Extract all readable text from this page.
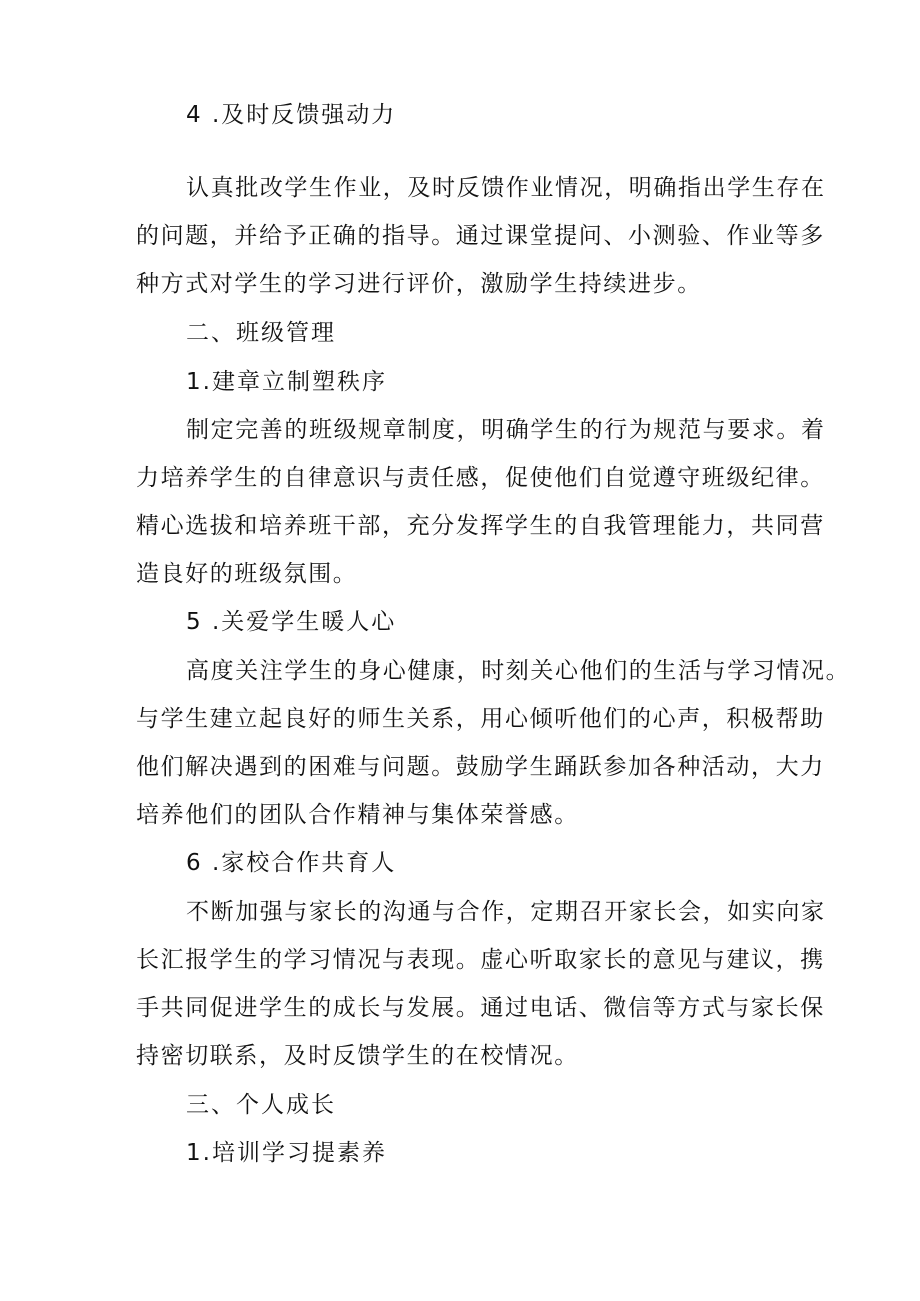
4 .及时反馈强动力
认真批改学生作业，及时反馈作业情况，明确指出学生存在
的问题，并给予正确的指导。通过课堂提问、小测验、作业等多
种方式对学生的学习进行评价，激励学生持续进步。
二、班级管理
1.建章立制塑秩序
制定完善的班级规章制度，明确学生的行为规范与要求。着
力培养学生的自律意识与责任感，促使他们自觉遵守班级纪律。
精心选拔和培养班干部，充分发挥学生的自我管理能力，共同营
造良好的班级氛围。
5 .关爱学生暖人心
高度关注学生的身心健康，时刻关心他们的生活与学习情况。
与学生建立起良好的师生关系，用心倾听他们的心声，积极帮助
他们解决遇到的困难与问题。鼓励学生踊跃参加各种活动，大力
培养他们的团队合作精神与集体荣誉感。
6 .家校合作共育人
不断加强与家长的沟通与合作，定期召开家长会，如实向家
长汇报学生的学习情况与表现。虚心听取家长的意见与建议，携
手共同促进学生的成长与发展。通过电话、微信等方式与家长保
持密切联系，及时反馈学生的在校情况。
三、个人成长
1.培训学习提素养
